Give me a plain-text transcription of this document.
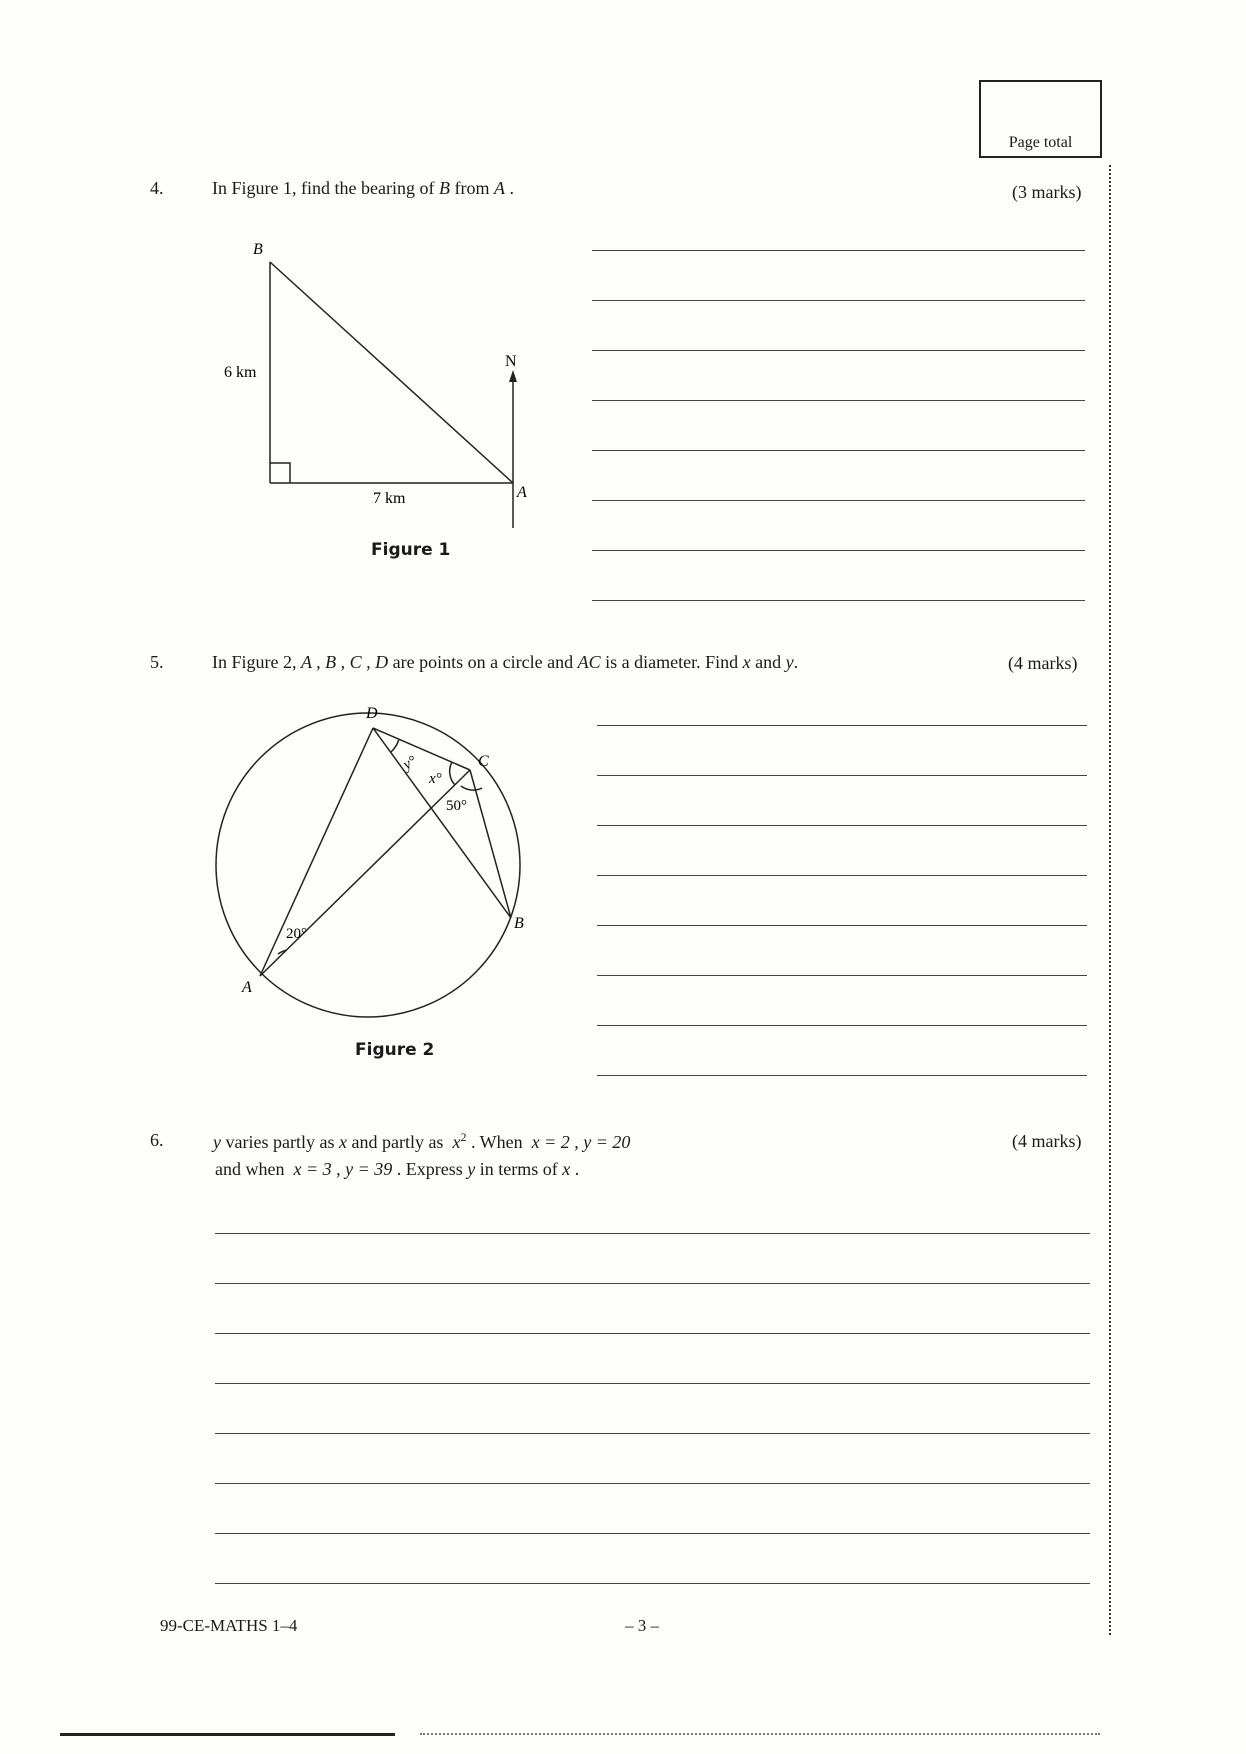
Page total
4.	In Figure 1, find the bearing of B from A .	(3 marks)
B
A
N
6 km
7 km
Figure 1
5.	In Figure 2, A , B , C , D are points on a circle and AC is a diameter. Find x and y.	(4 marks)
D
C
B
A
y°
x°
50°
20°
Figure 2
6.	y varies partly as x and partly as $x^2$ . When x = 2 , y = 20
and when x = 3 , y = 39 . Express y in terms of x .
(4 marks)
99-CE-MATHS 1–4	– 3 –
